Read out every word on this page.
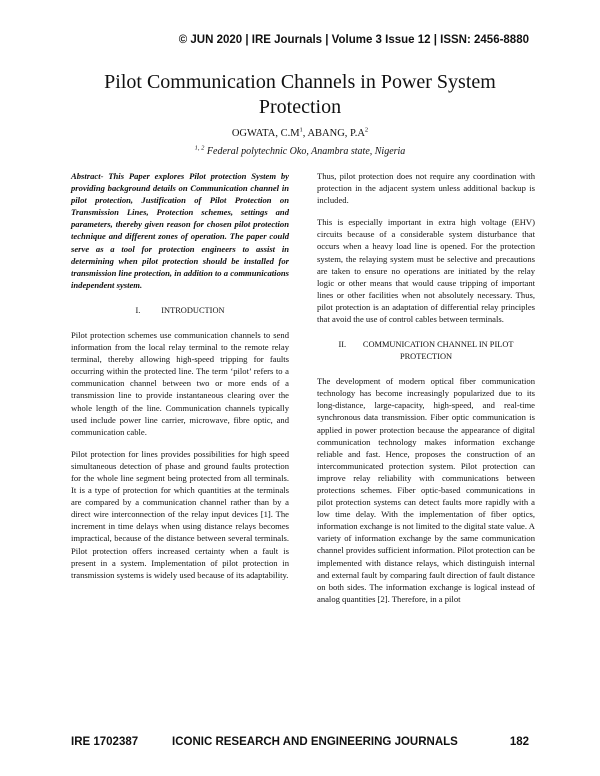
© JUN 2020 | IRE Journals | Volume 3 Issue 12 | ISSN: 2456-8880
Pilot Communication Channels in Power System
Protection
OGWATA, $C.M^1$, ABANG, $P.A^2$
$^{1, 2}$ Federal polytechnic Oko, Anambra state, Nigeria

Abstract- This Paper explores Pilot protection System by providing background details on Communication channel in pilot protection, Justification of Pilot Protection on Transmission Lines, Protection schemes, settings and parameters, thereby given reason for chosen pilot protection technique and different zones of operation. The paper could serve as a tool for protection engineers to assist in determining when pilot protection should be installed for transmission line protection, in addition to a communications independent system.

I.          INTRODUCTION

Pilot protection schemes use communication channels to send information from the local relay terminal to the remote relay terminal, thereby allowing high-speed tripping for faults occurring within the protected line. The term ‘pilot’ refers to a communication channel between two or more ends of a transmission line to provide instantaneous clearing over the whole length of the line. Communication channels typically used include power line carrier, microwave, fibre optic, and communication cable.

Pilot protection for lines provides possibilities for high speed simultaneous detection of phase and ground faults protection for the whole line segment being protected from all terminals. It is a type of protection for which quantities at the terminals are compared by a communication channel rather than by a direct wire interconnection of the relay input devices [1]. The increment in time delays when using distance relays becomes impractical, because of the distance between several terminals. Pilot protection offers increased certainty when a fault is present in a system. Implementation of pilot protection in transmission systems is widely used because of its adaptability.

Thus, pilot protection does not require any coordination with protection in the adjacent system unless additional backup is included.

This is especially important in extra high voltage (EHV) circuits because of a considerable system disturbance that occurs when a heavy load line is opened. For the protection system, the relaying system must be selective and precautions are taken to ensure no operations are initiated by the relay logic or other means that would cause tripping of important lines or other facilities when not absolutely necessary. Thus, pilot protection is an adaptation of differential relay principles that avoid the use of control cables between terminals.

II.        COMMUNICATION CHANNEL IN PILOT
PROTECTION

The development of modern optical fiber communication technology has become increasingly popularized due to its long-distance, large-capacity, high-speed, and real-time synchronous data transmission. Fiber optic communication is applied in power protection because the appearance of digital communication technology makes information exchange reliable and fast. Hence, proposes the construction of an intercommunicated protection system. Pilot protection can improve relay reliability with communications between protections schemes. Fiber optic-based communications in pilot protection systems can detect faults more rapidly with a low time delay. With the implementation of fiber optics, information exchange is not limited to the digital state value. A variety of information exchange by the same communication channel provides sufficient information. Pilot protection can be implemented with distance relays, which distinguish internal and external fault by comparing fault direction of fault distance on both sides. The information exchange is logical instead of analog quantities [2]. Therefore, in a pilot

IRE 1702387	ICONIC RESEARCH AND ENGINEERING JOURNALS	182
